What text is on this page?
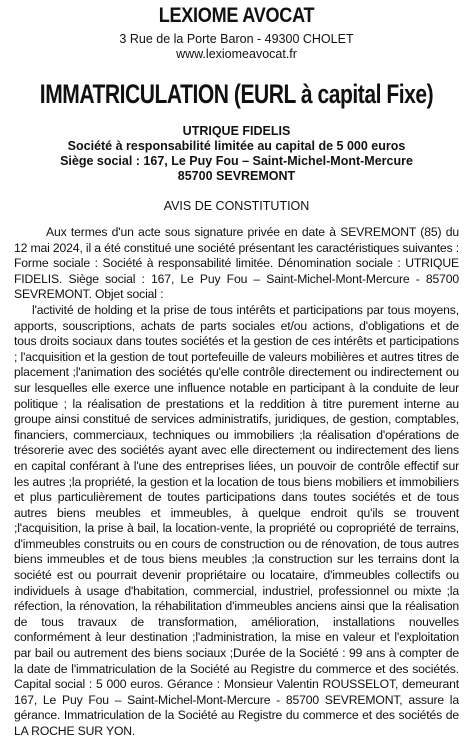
LEXIOME AVOCAT
3 Rue de la Porte Baron - 49300 CHOLET
www.lexiomeavocat.fr
IMMATRICULATION (EURL à capital Fixe)
UTRIQUE FIDELIS
Société à responsabilité limitée au capital de 5 000 euros
Siège social : 167, Le Puy Fou – Saint-Michel-Mont-Mercure
85700 SEVREMONT
AVIS DE CONSTITUTION

Aux termes d'un acte sous signature privée en date à SEVREMONT (85) du 12 mai 2024, il a été constitué une société présentant les caractéristiques suivantes : Forme sociale : Société à responsabilité limitée. Dénomination sociale : UTRIQUE FIDELIS. Siège social : 167, Le Puy Fou – Saint-Michel-Mont-Mercure - 85700 SEVREMONT. Objet social :

l'activité de holding et la prise de tous intérêts et participations par tous moyens, apports, souscriptions, achats de parts sociales et/ou actions, d'obligations et de tous droits sociaux dans toutes sociétés et la gestion de ces intérêts et participations ; l'acquisition et la gestion de tout portefeuille de valeurs mobilières et autres titres de placement ;l'animation des sociétés qu'elle contrôle directement ou indirectement ou sur lesquelles elle exerce une influence notable en participant à la conduite de leur politique ; la réalisation de prestations et la reddition à titre purement interne au groupe ainsi constitué de services administratifs, juridiques, de gestion, comptables, financiers, commerciaux, techniques ou immobiliers ;la réalisation d'opérations de trésorerie avec des sociétés ayant avec elle directement ou indirectement des liens en capital conférant à l'une des entreprises liées, un pouvoir de contrôle effectif sur les autres ;la propriété, la gestion et la location de tous biens mobiliers et immobiliers et plus particulièrement de toutes participations dans toutes sociétés et de tous autres biens meubles et immeubles, à quelque endroit qu'ils se trouvent ;l'acquisition, la prise à bail, la location-vente, la propriété ou copropriété de terrains, d'immeubles construits ou en cours de construction ou de rénovation, de tous autres biens immeubles et de tous biens meubles ;la construction sur les terrains dont la société est ou pourrait devenir propriétaire ou locataire, d'immeubles collectifs ou individuels à usage d'habitation, commercial, industriel, professionnel ou mixte ;la réfection, la rénovation, la réhabilitation d'immeubles anciens ainsi que la réalisation de tous travaux de transformation, amélioration, installations nouvelles conformément à leur destination ;l'administration, la mise en valeur et l'exploitation par bail ou autrement des biens sociaux ;Durée de la Société : 99 ans à compter de la date de l'immatriculation de la Société au Registre du commerce et des sociétés. Capital social : 5 000 euros. Gérance : Monsieur Valentin ROUSSELOT, demeurant 167, Le Puy Fou – Saint-Michel-Mont-Mercure - 85700 SEVREMONT, assure la gérance. Immatriculation de la Société au Registre du commerce et des sociétés de LA ROCHE SUR YON.
